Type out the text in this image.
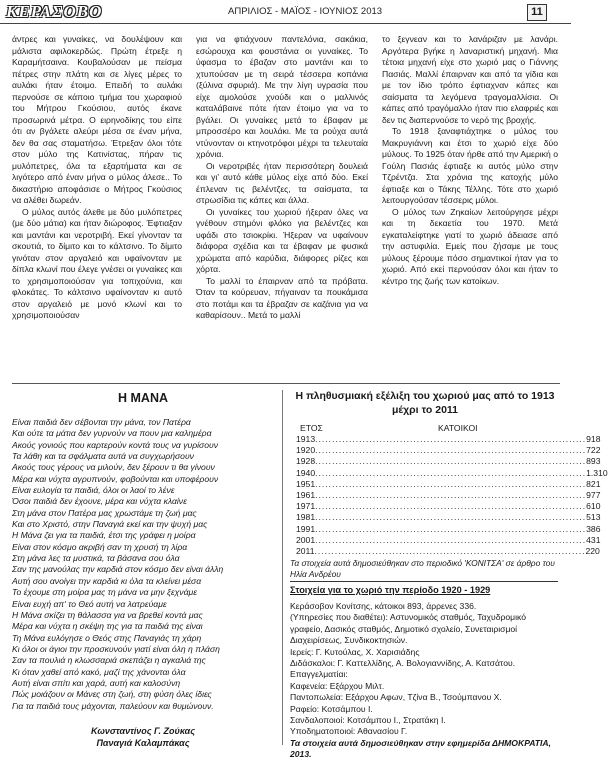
ΚΕΡΑΣΟΒΟ	ΑΠΡΙΛΙΟΣ - ΜΑΪΟΣ - ΙΟΥΝΙΟΣ 2013	11

άντρες και γυναίκες, να δουλέψουν και μάλιστα αφιλοκερδώς. Πρώτη έτρεξε η Καραμήτσαινα. Κουβαλούσαν με πείσμα πέτρες στην πλάτη και σε λίγες μέρες το αυλάκι ήταν έτοιμο. Επειδή το αυλάκι περνούσε σε κάποιο τμήμα του χωραφιού του Μήτρου Γκούσιου, αυτός έκανε προσωρινά μέτρα. Ο ειρηνοδίκης του είπε ότι αν βγάλετε αλεύρι μέσα σε έναν μήνα, δεν θα σας σταματήσω. Έτρεξαν όλοι τότε στον μύλο της Κατινίστας, πήραν τις μυλόπετρες, όλα τα εξαρτήματα και σε λιγότερο από έναν μήνα ο μύλος άλεσε.. Το δικαστήριο αποφάσισε ο Μήτρος Γκούσιος να αλέθει δωρεάν.

Ο μύλος αυτός άλεθε με δύο μυλόπετρες (με δύο μάτια) και ήταν διώροφος. Έφτιαξαν και μαντάνι και νεροτριβή. Εκεί γίνονταν τα σκουτιά, το δίμιτο και το κάλτσινο. Το δίμιτο γινόταν στον αργαλειό και υφαίνονταν με δίπλα κλωνί που έλεγε γνέσει οι γυναίκες και το χρησιμοποιούσαν για τοπιχούνια, και φλοκάτες. Το κάλτσινο υφαίνονταν κι αυτό στον αργαλειό με μονό κλωνί και το χρησιμοποιούσαν

για να φτιάχνουν παντελόνια, σακάκια, εσώρουχα και φουστάνια οι γυναίκες. Το ύφασμα το έβαζαν στο μαντάνι και το χτυπούσαν με τη σειρά τέσσερα κοπάνια (ξύλινα σφυριά). Με την λίγη υγρασία που είχε αμολούσε χνούδι και ο μαλλινός καταλάβαινε πότε ήταν έτοιμο για να το βγάλει. Οι γυναίκες μετά το έβαφαν με μπροσσέρο και λουλάκι. Με τα ρούχα αυτά ντύνονταν οι κτηνοτρόφοι μέχρι τα τελευταία χρόνια.

Οι νεροτριβές ήταν περισσότερη δουλειά και γι' αυτό κάθε μύλος είχε από δύο. Εκεί έπλεναν τις βελέντζες, τα σαίσματα, τα στρωσίδια τις κάπες και άλλα.

Οι γυναίκες του χωριού ήξεραν όλες να γνέθουν στημόνι φλόκο για βελέντζες και υφάδι στο τσιοκρίκι. Ήξεραν να υφαίνουν διάφορα σχέδια και τα έβαφαν με φυσικά χρώματα από καρύδια, διάφορες ρίζες και χόρτα.

Το μαλλί το έπαιρναν από τα πρόβατα. Όταν τα κούρευαν, πήγαιναν τα πουκάμισα στο ποτάμι και τα έβραζαν σε καζάνια για να καθαρίσουν.. Μετά το μαλλί

το ξεγνεαν και το λανάριζαν με λανάρι. Αργότερα βγήκε η λαναριστική μηχανή. Μια τέτοια μηχανή είχε στο χωριό μας ο Γιάννης Πασιάς. Μαλλί έπαιρναν και από τα γίδια και με τον ίδιο τρόπο έφτιαχναν κάπες και σαίσματα τα λεγόμενα τραγομαλλίσια. Οι κάπες από τραγόμαλλο ήταν πιο ελαφριές και δεν τις διαπερνούσε το νερό της βροχής.

Το 1918 ξαναφτιάχτηκε ο μύλος του Μακρυγιάννη και έτσι το χωριό είχε δύο μύλους. Το 1925 όταν ήρθε από την Αμερική ο Γούλη Πασιάς έφτιαξε κι αυτός μύλο στην Τζρέντζα. Στα χρόνια της κατοχής μύλο έφτιαξε και ο Τάκης Τέλλης. Τότε στο χωριό λειτουργούσαν τέσσερις μύλοι.

Ο μύλος των Ζηκαίων λειτούργησε μέχρι και τη δεκαετία του 1970. Μετά εγκαταλείφτηκε γιατί το χωριό άδειασε από την αστυφιλία. Εμείς που ζήσαμε με τους μύλους ξέρουμε πόσο σημαντικοί ήταν για το χωριό. Από εκεί περνούσαν όλοι και ήταν το κέντρο της ζωής των κατοίκων.

Η ΜΑΝΑ
Είναι παιδιά δεν σέβονται την μάνα, τον Πατέρα
Και ούτε τα μάτια δεν γυρνούν να πουν μια καλημέρα
Ακούς γονιούς που καρτερούν κοντά τους να γυρίσουν
Τα λάθη και τα σφάλματα αυτά να συγχωρήσουν
Ακούς τους γέρους να μιλούν, δεν ξέρουν τι θα γίνουν
Μέρα και νύχτα αγρυπνούν, φοβούνται και υποφέρουν
Είναι ευλογία τα παιδιά, όλοι οι λαοί το λένε
Όσοι παιδιά δεν έχουνε, μέρα και νύχτα κλαίνε
Στη μάνα στον Πατέρα μας χρωστάμε τη ζωή μας
Και στο Χριστό, στην Παναγιά εκεί και την ψυχή μας
Η Μάνα ζει για τα παιδιά, έτσι της γράφει η μοίρα
Είναι στον κόσμο ακριβή σαν τη χρυσή τη λίρα
Στη μάνα λες τα μυστικά, τα βάσανα σου όλα
Σαν της μανούλας την καρδιά στον κόσμο δεν είναι άλλη
Αυτή σου ανοίγει την καρδιά κι όλα τα κλείνει μέσα
Το έχουμε στη μοίρα μας τη μάνα να μην ξεχνάμε
Είναι ευχή απ' το Θεό αυτή να λατρεύαμε
Η Μάνα σκίζει τη θάλασσα για να βρεθεί κοντά μας
Μέρα και νύχτα η σκέψη της για τα παιδιά της είναι
Τη Μάνα ευλόγησε ο Θεός στης Παναγιάς τη χάρη
Κι όλοι οι άγιοι την προσκυνούν γιατί είναι όλη η πλάση
Σαν τα πουλιά η κλωσσαριά σκεπάζει η αγκαλιά της
Κι όταν χαθεί από κακό, μαζί της χάνονται όλα
Αυτή είναι σπίτι και χαρά, αυτή και καλοσύνη
Πώς μοιάζουν οι Μάνες στη ζωή, στη φύση όλες ίδιες
Για τα παιδιά τους μάχονται, παλεύουν και θυμώνουν.
Κωνσταντίνος Γ. Ζούκας
Παναγιά Καλαμπάκας
Η πληθυσμιακή εξέλιξη του χωριού μας από το 1913 μέχρι το 2011
ΕΤΟΣ	ΚΑΤΟΙΚΟΙ
1913 ................................................................................ 918
1920 ................................................................................ 722
1928 ................................................................................ 893
1940 ................................................................................ 1.310
1951 ................................................................................ 821
1961 ................................................................................ 977
1971 ................................................................................ 610
1981 ................................................................................ 513
1991 ................................................................................ 386
2001 ................................................................................ 431
2011 ................................................................................ 220
Τα στοιχεία αυτά δημοσιεύθηκαν στο περιοδικό 'ΚΟΝΙΤΣΑ' σε άρθρο του Ηλία Ανδρέου
Στοιχεία για το χωριό την περίοδο 1920 - 1929
Κεράσοβον Κονίτσης, κάτοικοι 893, άρρενες 336.
(Υπηρεσίες που διαθέτει): Αστυνομικός σταθμός, Ταχυδρομικό γραφείο, Δασικός σταθμός, Δημοτικό σχολείο, Συνεταιρισμοί Διαχειρίσεως, Συνδικοκτησιών.
Ιερείς: Γ. Κυτούλας, Χ. Χαρισιάδης
Διδάσκαλοι: Γ. Καττελλίδης, Α. Βολογιαννίδης, Α. Κατσάτου.
Επαγγελματίαι:
Καφενεία: Εξάρχου Μιλτ.
Παντοπωλεία: Εξάρχου Αφων, Τζίνα Β., Τσούμπανου Χ.
Ραφείο: Κοτσάμπου Ι.
Σανδαλοποιοί: Κοτσάμπου Ι., Στρατάκη Ι.
Υποδηματοποιοί: Αθανασίου Γ.
Τα στοιχεία αυτά δημοσιεύθηκαν στην εφημερίδα ΔΗΜΟΚΡΑΤΙΑ, 2013.
